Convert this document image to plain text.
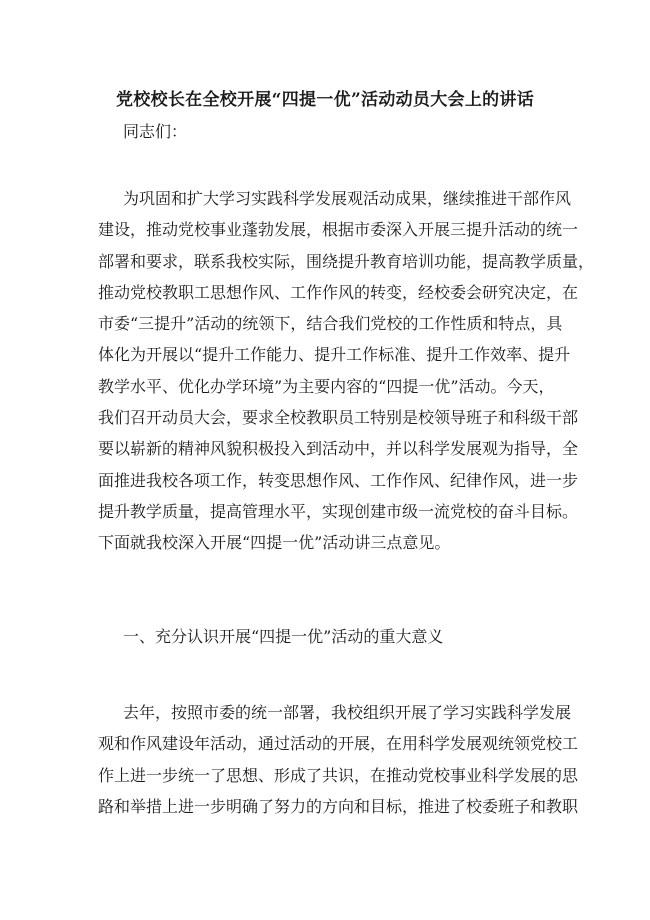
党校校长在全校开展“四提一优”活动动员大会上的讲话
同志们：
为巩固和扩大学习实践科学发展观活动成果，继续推进干部作风
建设，推动党校事业蓬勃发展，根据市委深入开展三提升活动的统一
部署和要求，联系我校实际，围绕提升教育培训功能，提高教学质量，
推动党校教职工思想作风、工作作风的转变，经校委会研究决定，在
市委“三提升”活动的统领下，结合我们党校的工作性质和特点，具
体化为开展以“提升工作能力、提升工作标准、提升工作效率、提升
教学水平、优化办学环境”为主要内容的“四提一优”活动。今天，
我们召开动员大会，要求全校教职员工特别是校领导班子和科级干部
要以崭新的精神风貌积极投入到活动中，并以科学发展观为指导，全
面推进我校各项工作，转变思想作风、工作作风、纪律作风，进一步
提升教学质量，提高管理水平，实现创建市级一流党校的奋斗目标。
下面就我校深入开展“四提一优”活动讲三点意见。
一、充分认识开展“四提一优”活动的重大意义
去年，按照市委的统一部署，我校组织开展了学习实践科学发展
观和作风建设年活动，通过活动的开展，在用科学发展观统领党校工
作上进一步统一了思想、形成了共识，在推动党校事业科学发展的思
路和举措上进一步明确了努力的方向和目标，推进了校委班子和教职
